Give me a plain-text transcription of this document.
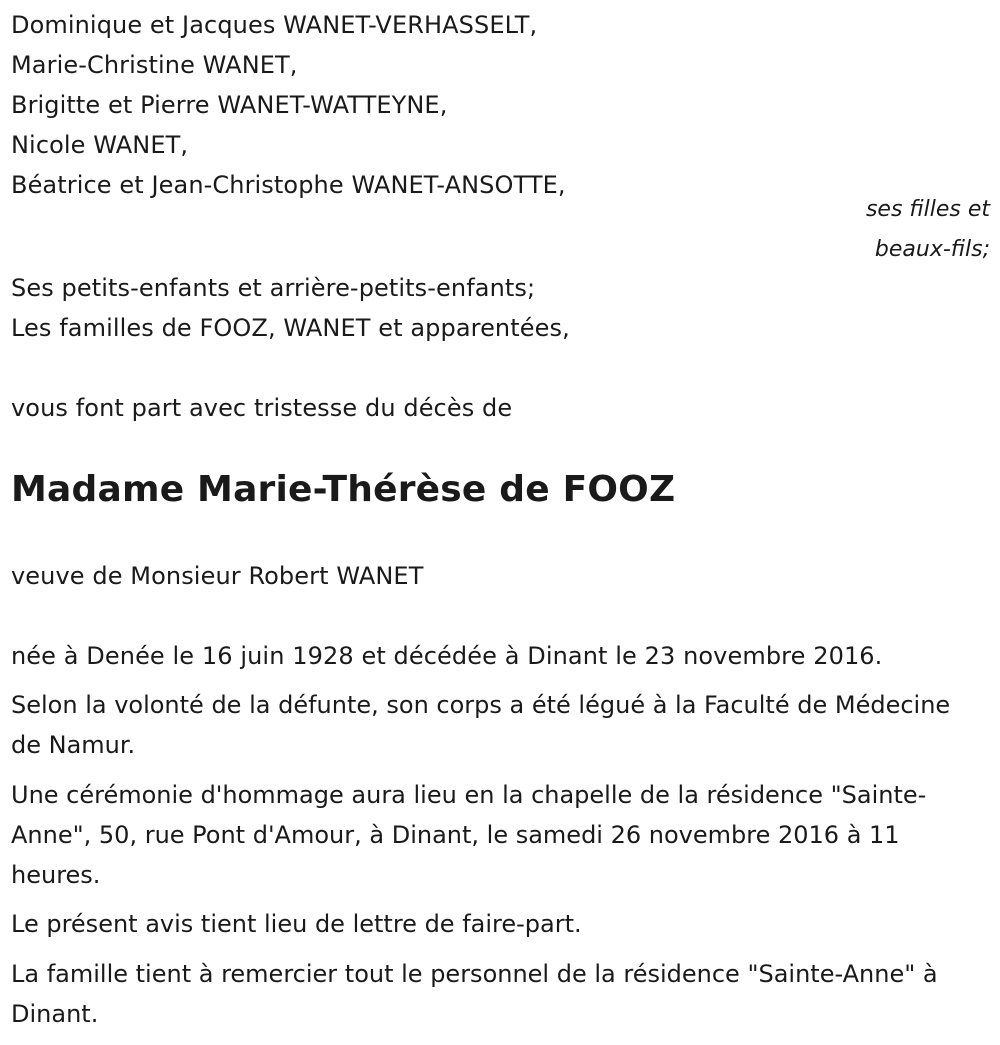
Dominique et Jacques WANET-VERHASSELT,
Marie-Christine WANET,
Brigitte et Pierre WANET-WATTEYNE,
Nicole WANET,
Béatrice et Jean-Christophe WANET-ANSOTTE,
ses filles et
beaux-fils;
Ses petits-enfants et arrière-petits-enfants;
Les familles de FOOZ, WANET et apparentées,
vous font part avec tristesse du décès de
Madame Marie-Thérèse de FOOZ
veuve de Monsieur Robert WANET
née à Denée le 16 juin 1928 et décédée à Dinant le 23 novembre 2016.
Selon la volonté de la défunte, son corps a été légué à la Faculté de Médecine de Namur.
Une cérémonie d'hommage aura lieu en la chapelle de la résidence "Sainte-Anne", 50, rue Pont d'Amour, à Dinant, le samedi 26 novembre 2016 à 11 heures.
Le présent avis tient lieu de lettre de faire-part.
La famille tient à remercier tout le personnel de la résidence "Sainte-Anne" à Dinant.
